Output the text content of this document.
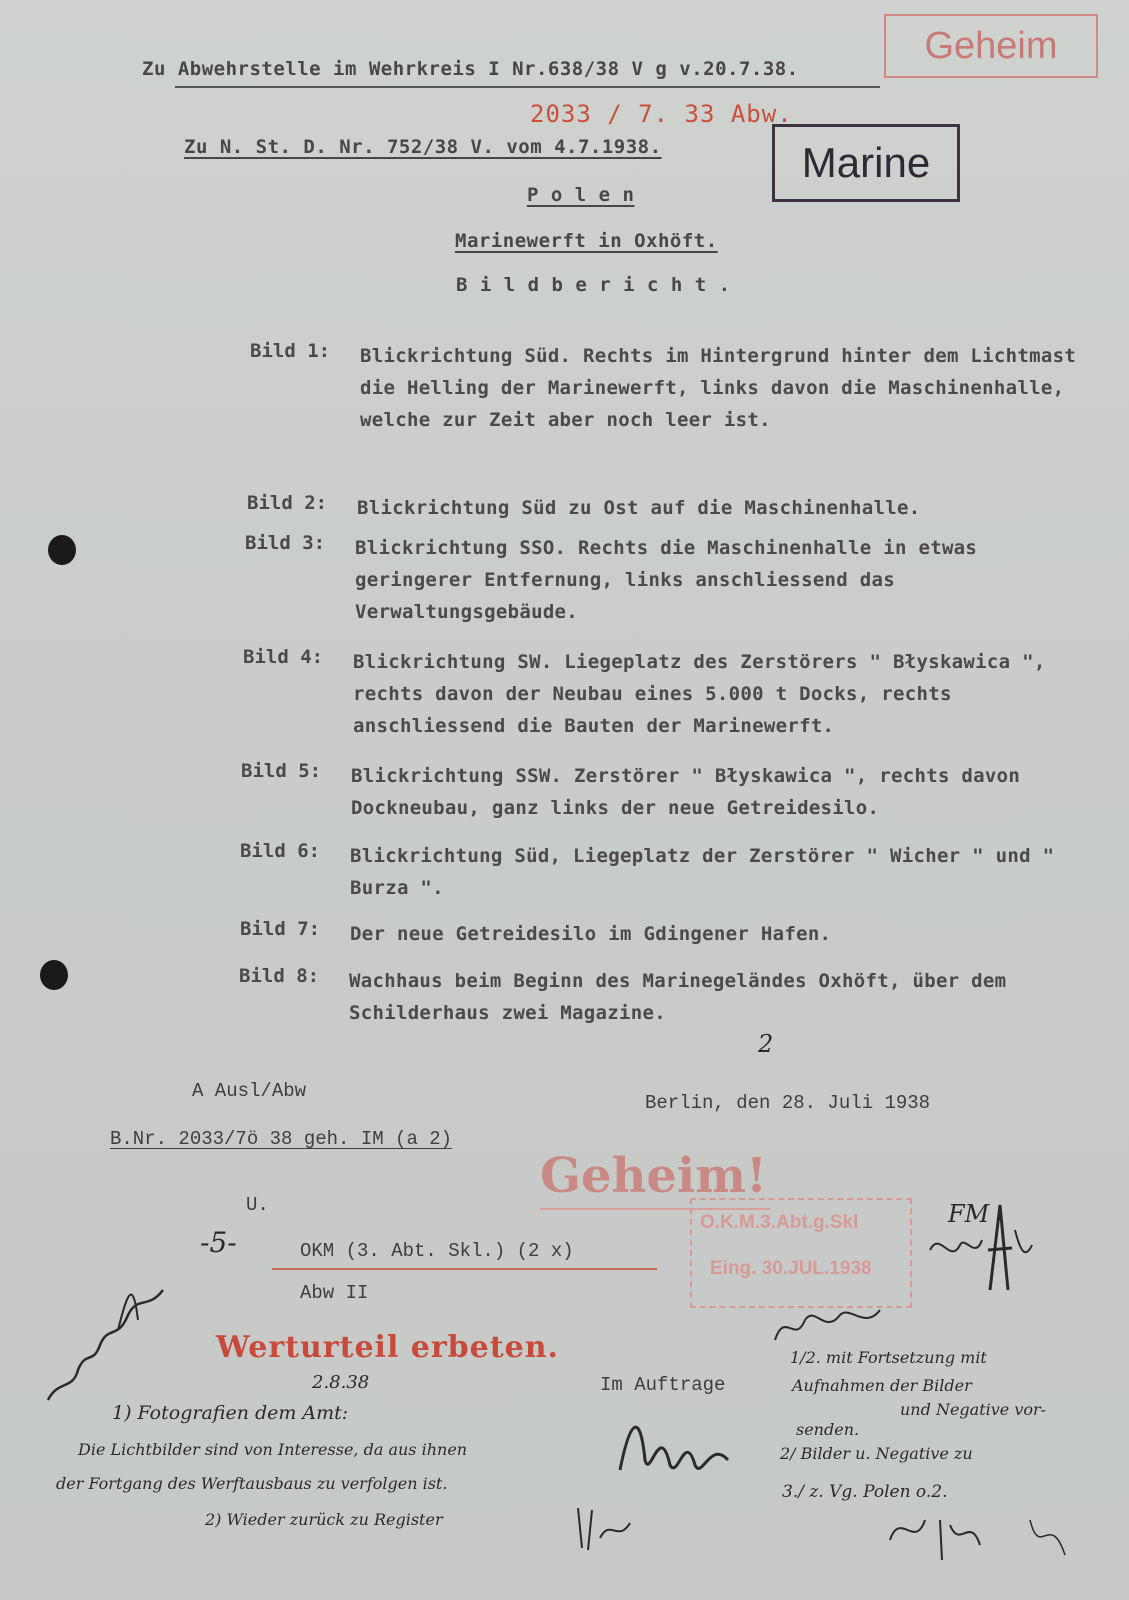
Geheim
Zu Abwehrstelle im Wehrkreis I Nr.638/38 V g v.20.7.38.
2033 / 7. 33 Abw.
Zu N. St. D. Nr. 752/38 V. vom 4.7.1938.	Marine
P o l e n
Marinewerft in Oxhöft.
B i l d b e r i c h t .
Bild 1: Blickrichtung Süd. Rechts im Hintergrund hinter dem Lichtmast die Helling der Marinewerft, links davon die Maschinenhalle, welche zur Zeit aber noch leer ist.
Bild 2: Blickrichtung Süd zu Ost auf die Maschinenhalle.
Bild 3: Blickrichtung SSO. Rechts die Maschinenhalle in etwas geringerer Entfernung, links anschliessend das Verwaltungsgebäude.
Bild 4: Blickrichtung SW. Liegeplatz des Zerstörers " Błyskawica ", rechts davon der Neubau eines 5.000 t Docks, rechts anschliessend die Bauten der Marinewerft.
Bild 5: Blickrichtung SSW. Zerstörer " Błyskawica ", rechts davon Dockneubau, ganz links der neue Getreidesilo.
Bild 6: Blickrichtung Süd, Liegeplatz der Zerstörer " Wicher " und " Burza ".
Bild 7: Der neue Getreidesilo im Gdingener Hafen.
Bild 8: Wachhaus beim Beginn des Marinegeländes Oxhöft, über dem Schilderhaus zwei Magazine.
2
A Ausl/Abw
Berlin, den 28. Juli 1938
B.Nr. 2033/7ö 38 geh. IM (a 2)
Geheim!
U.
-5-
O.K.M.3.Abt.g.Skl
Eing. 30.JUL.1938
OKM (3. Abt. Skl.) (2 x)
Abw II
Werturteil erbeten.
Im Auftrage
FM
2.8.38
1) Fotografien dem Amt:
Die Lichtbilder sind von Interesse, da aus ihnen
der Fortgang des Werftausbaus zu verfolgen ist.
2) Wieder zurück zu Register
1/2. mit Fortsetzung mit
Aufnahmen der Bilder
und Negative vor-
senden.
2/ Bilder u. Negative zu
3./ z. Vg. Polen o.2.
